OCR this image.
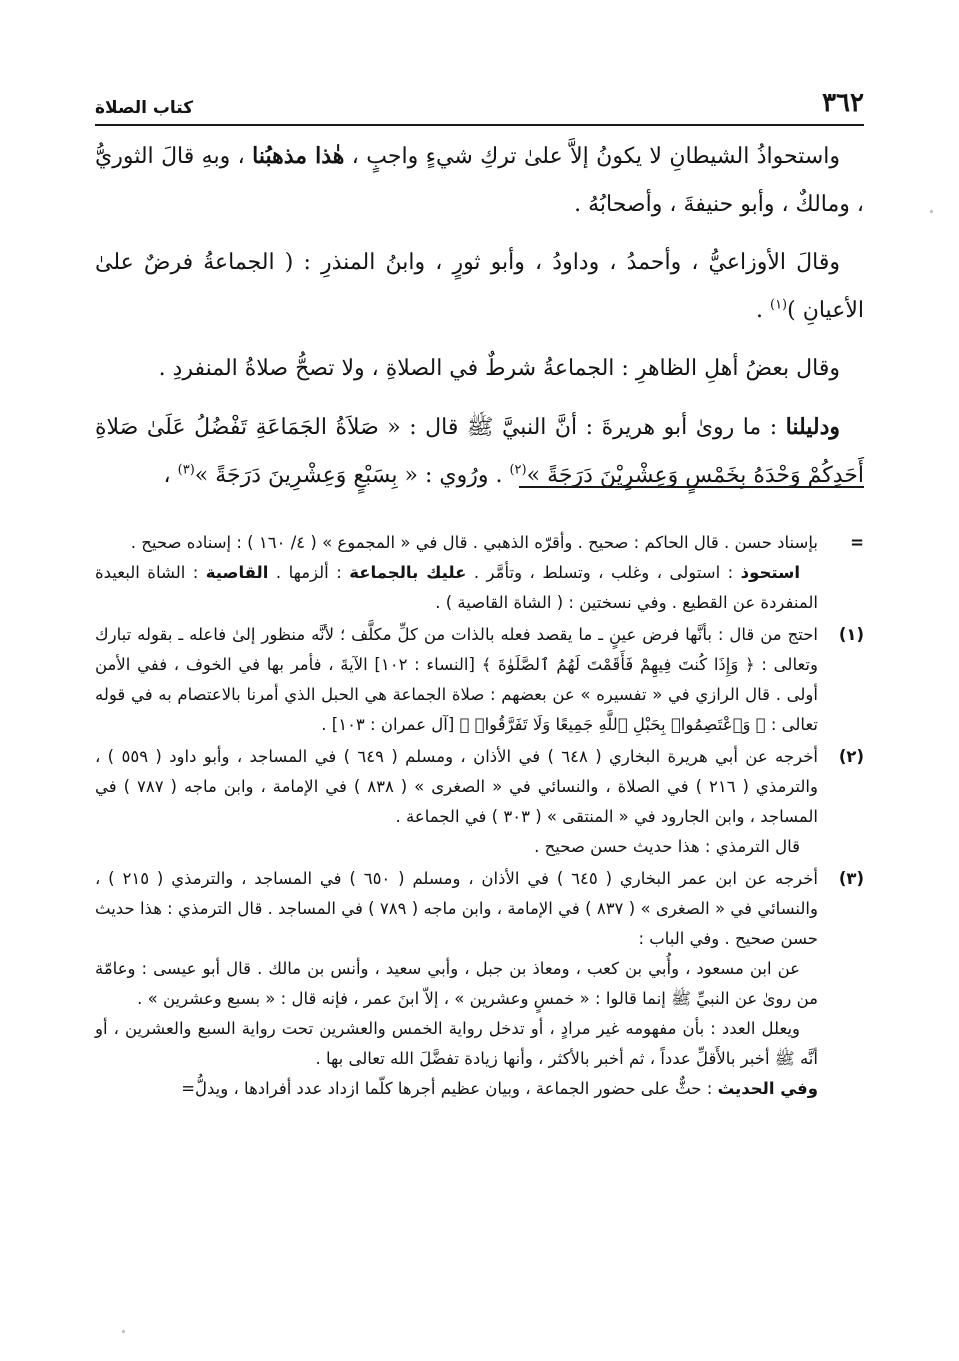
٣٦٢
كتاب الصلاة

واستحواذُ الشيطانِ لا يكونُ إلاَّ علىٰ تركِ شيءٍ واجبٍ ، هٰذا مذهبُنا ، وبهِ قالَ الثوريُّ ، ومالكٌ ، وأبو حنيفةَ ، وأصحابُهُ .

وقالَ الأوزاعيُّ ، وأحمدُ ، وداودُ ، وأبو ثورٍ ، وابنُ المنذرِ : ( الجماعةُ فرضٌ علىٰ الأعيانِ )$^{(١)}$ .

وقال بعضُ أهلِ الظاهرِ : الجماعةُ شرطٌ في الصلاةِ ، ولا تصحُّ صلاةُ المنفردِ .

ودليلنا : ما روىٰ أبو هريرةَ : أنَّ النبيَّ ﷺ قال : « صَلاَةُ الجَمَاعَةِ تَفْضُلُ عَلَىٰ صَلاةِ أَحَدِكُمْ وَحْدَهُ بِخَمْسٍ وَعِشْرِيْنَ دَرَجَةً »$^{(٢)}$ . ورُوي : « بِسَبْعٍ وَعِشْرِينَ دَرَجَةً »$^{(٣)}$ ،

=

بإسناد حسن . قال الحاكم : صحيح . وأقرّه الذهبي . قال في « المجموع » ( ٤/ ١٦٠ ) : إسناده صحيح .

استحوذ : استولى ، وغلب ، وتسلط ، وتأمَّر . عليك بالجماعة : ألزمها . القاصية : الشاة البعيدة المنفردة عن القطيع . وفي نسختين : ( الشاة القاصية ) .

(١)

احتج من قال : بأنَّها فرض عينٍ ـ ما يقصد فعله بالذات من كلِّ مكلَّف ؛ لأنَّه منظور إلىٰ فاعله ـ بقوله تبارك وتعالى : ﴿ وَإِذَا كُنتَ فِيهِمْ فَأَقَمْتَ لَهُمُ ٱلصَّلَوٰةَ ﴾ [النساء : ١٠٢] الآيةَ ، فأمر بها في الخوف ، ففي الأمن أولى . قال الرازي في « تفسيره » عن بعضهم : صلاة الجماعة هي الحبل الذي أمرنا بالاعتصام به في قوله تعالى : ﴿ وَٱعْتَصِمُوا۟ بِحَبْلِ ٱللَّهِ جَمِيعًا وَلَا تَفَرَّقُوا۟ ﴾ [آل عمران : ١٠٣] .

(٢)

أخرجه عن أبي هريرة البخاري ( ٦٤٨ ) في الأذان ، ومسلم ( ٦٤٩ ) في المساجد ، وأبو داود ( ٥٥٩ ) ، والترمذي ( ٢١٦ ) في الصلاة ، والنسائي في « الصغرى » ( ٨٣٨ ) في الإمامة ، وابن ماجه ( ٧٨٧ ) في المساجد ، وابن الجارود في « المنتقى » ( ٣٠٣ ) في الجماعة .

قال الترمذي : هذا حديث حسن صحيح .

(٣)

أخرجه عن ابن عمر البخاري ( ٦٤٥ ) في الأذان ، ومسلم ( ٦٥٠ ) في المساجد ، والترمذي ( ٢١٥ ) ، والنسائي في « الصغرى » ( ٨٣٧ ) في الإمامة ، وابن ماجه ( ٧٨٩ ) في المساجد . قال الترمذي : هذا حديث حسن صحيح . وفي الباب :

عن ابن مسعود ، وأُبي بن كعب ، ومعاذ بن جبل ، وأبي سعيد ، وأنس بن مالك . قال أبو عيسى : وعامّة من روىٰ عن النبيِّ ﷺ إنما قالوا : « خمسٍ وعشرين » ، إلاّ ابنَ عمر ، فإنه قال : « بسبع وعشرين » .

ويعلل العدد : بأن مفهومه غير مرادٍ ، أو تدخل رواية الخمس والعشرين تحت رواية السبع والعشرين ، أو أنَّه ﷺ أخبر بالأَقلِّ عدداً ، ثم أخبر بالأكثر ، وأنها زيادة تفضَّلَ الله تعالى بها .

وفي الحديث : حثٌّ على حضور الجماعة ، وبيان عظيم أجرها كلّما ازداد عدد أفرادها ، ويدلُّ=
